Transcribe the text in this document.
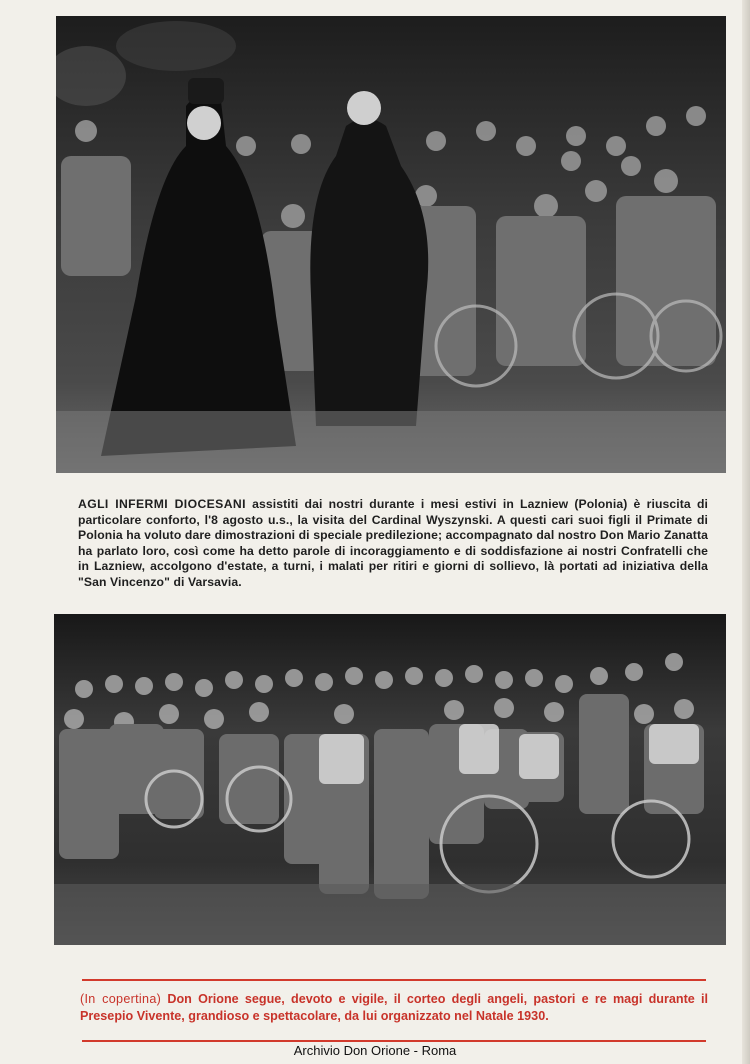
AGLI INFERMI DIOCESANI assistiti dai nostri durante i mesi estivi in Lazniew (Polonia) è riuscita di particolare conforto, l'8 agosto u.s., la visita del Cardinal Wyszynski. A questi cari suoi figli il Primate di Polonia ha voluto dare dimostrazioni di speciale predilezione; accompagnato dal nostro Don Mario Zanatta ha parlato loro, così come ha detto parole di incoraggiamento e di soddisfazione ai nostri Confratelli che in Lazniew, accolgono d'estate, a turni, i malati per ritiri e giorni di sollievo, là portati ad iniziativa della "San Vincenzo" di Varsavia.
(In copertina) Don Orione segue, devoto e vigile, il corteo degli angeli, pastori e re magi durante il Presepio Vivente, grandioso e spettacolare, da lui organizzato nel Natale 1930.
Archivio Don Orione - Roma
